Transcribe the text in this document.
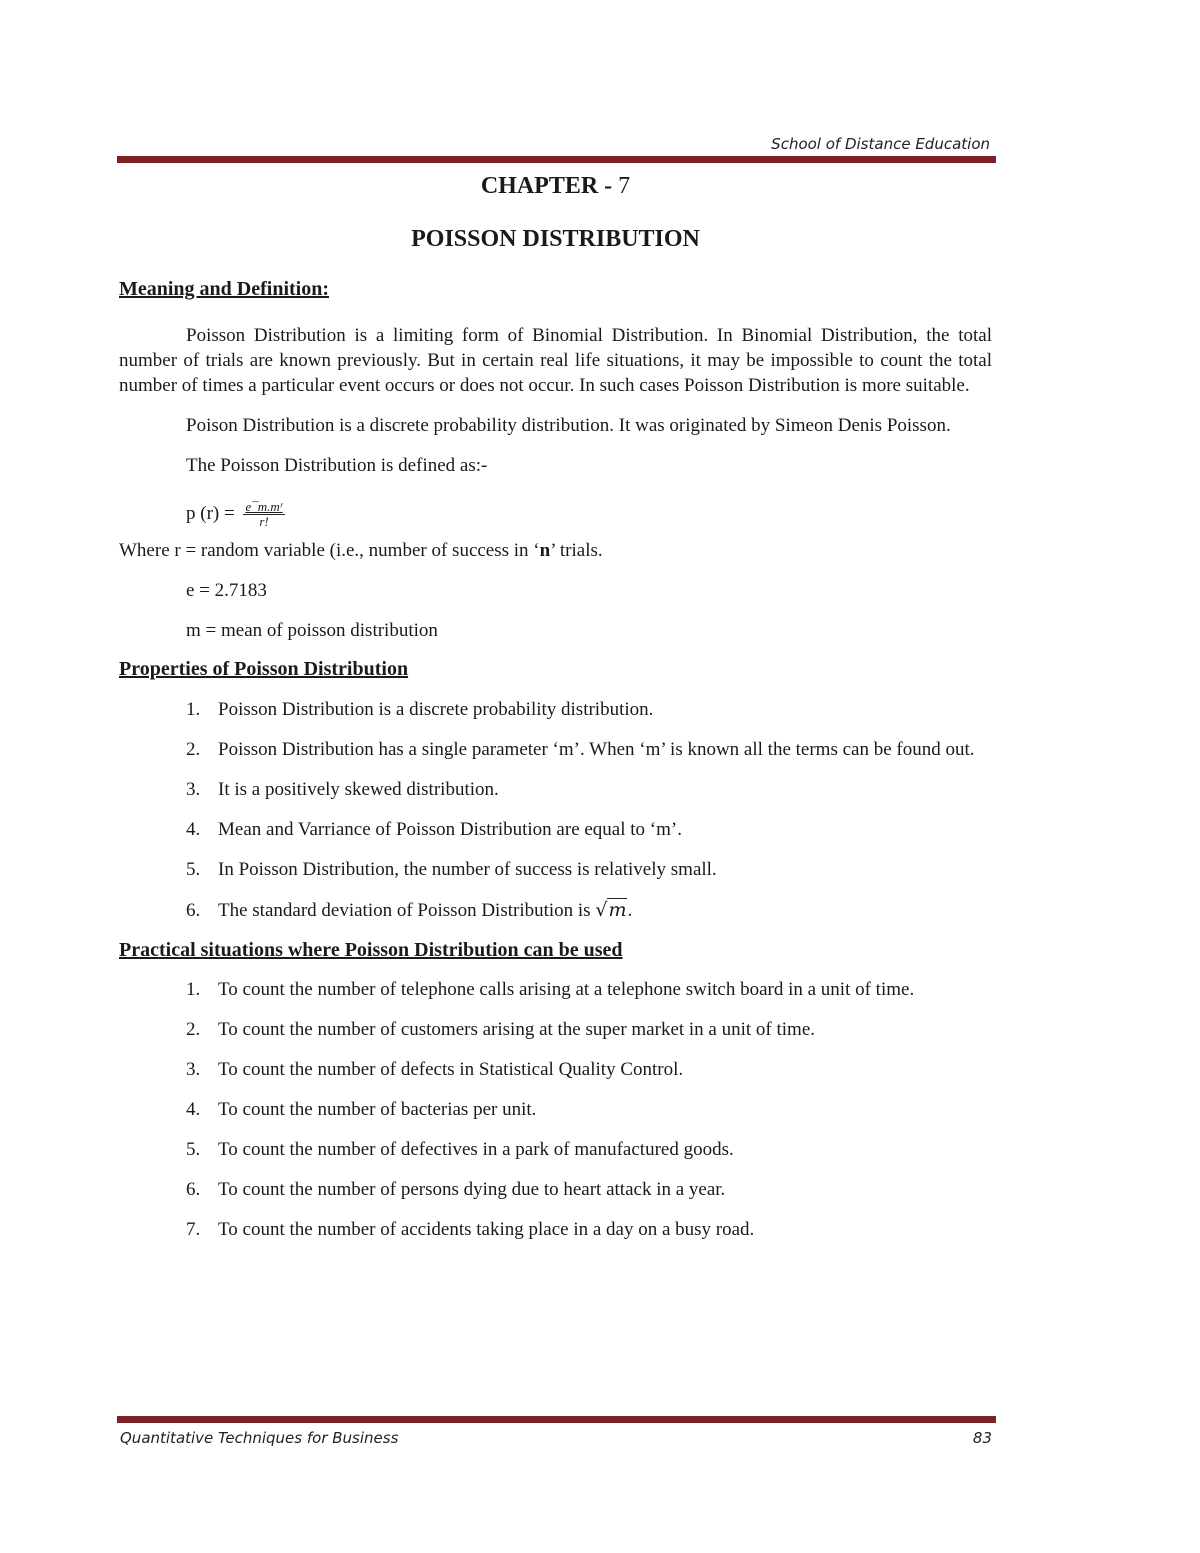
School of Distance Education
CHAPTER - 7
POISSON DISTRIBUTION
Meaning and Definition:

Poisson Distribution is a limiting form of Binomial Distribution. In Binomial Distribution, the total number of trials are known previously. But in certain real life situations, it may be impossible to count the total number of times a particular event occurs or does not occur. In such cases Poisson Distribution is more suitable.

Poison Distribution is a discrete probability distribution. It was originated by Simeon Denis Poisson.

The Poisson Distribution is defined as:-

p $(r) = \frac{\text{e¯m.mʳ}}{r!}$

Where r = random variable (i.e., number of success in ‘n’ trials.

e = 2.7183

m = mean of poisson distribution

Properties of Poisson Distribution
1. Poisson Distribution is a discrete probability distribution.
2. Poisson Distribution has a single parameter ‘m’. When ‘m’ is known all the terms can be found out.
3. It is a positively skewed distribution.
4. Mean and Varriance of Poisson Distribution are equal to ‘m’.
5. In Poisson Distribution, the number of success is relatively small.
6. The standard deviation of Poisson Distribution is √m.
Practical situations where Poisson Distribution can be used
1. To count the number of telephone calls arising at a telephone switch board in a unit of time.
2. To count the number of customers arising at the super market in a unit of time.
3. To count the number of defects in Statistical Quality Control.
4. To count the number of bacterias per unit.
5. To count the number of defectives in a park of manufactured goods.
6. To count the number of persons dying due to heart attack in a year.
7. To count the number of accidents taking place in a day on a busy road.
Quantitative Techniques for Business	83
